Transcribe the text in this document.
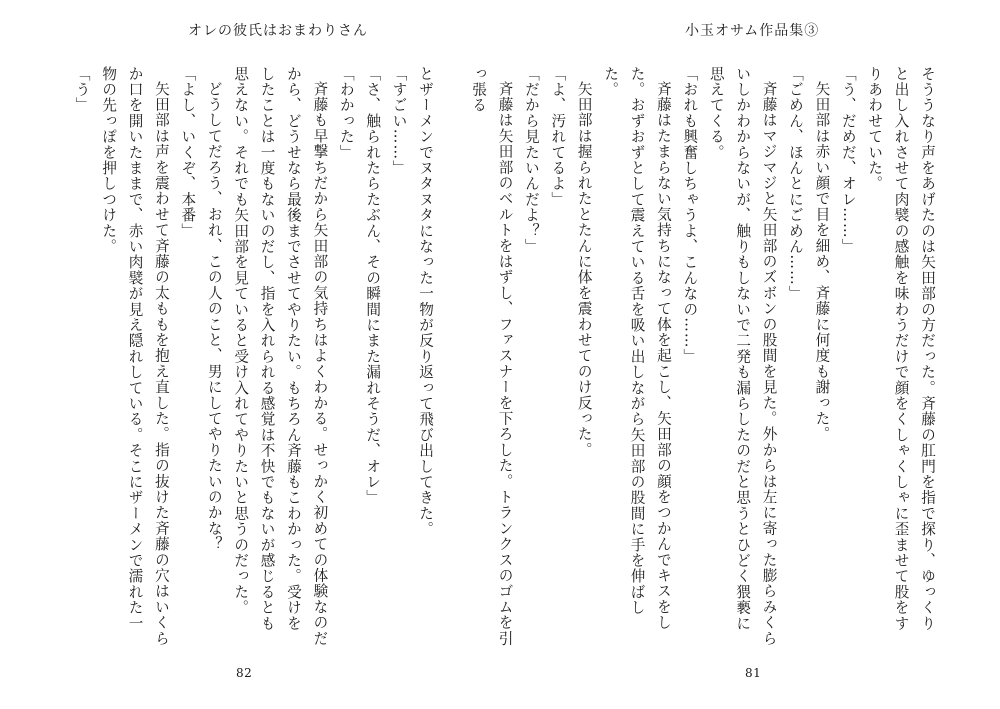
小玉オサム作品集③

そううなり声をあげたのは矢田部の方だった。斉藤の肛門を指で探り、ゆっくりと出し入れさせて肉襞の感触を味わうだけで顔をくしゃくしゃに歪ませて股をすりあわせていた。

「う、だめだ、オレ……」

矢田部は赤い顔で目を細め、斉藤に何度も謝った。

「ごめん、ほんとにごめん……」

斉藤はマジマジと矢田部のズボンの股間を見た。外からは左に寄った膨らみくらいしかわからないが、触りもしないで二発も漏らしたのだと思うとひどく猥褻に思えてくる。

「おれも興奮しちゃうよ、こんなの……」

斉藤はたまらない気持ちになって体を起こし、矢田部の顔をつかんでキスをした。おずおずとして震えている舌を吸い出しながら矢田部の股間に手を伸ばした。

矢田部は握られたとたんに体を震わせてのけ反った。

「よ、汚れてるよ」

「だから見たいんだよ？」

斉藤は矢田部のベルトをはずし、ファスナーを下ろした。トランクスのゴムを引っ張る

81
オレの彼氏はおまわりさん

とザーメンでヌタヌタになった一物が反り返って飛び出してきた。

「すごい……」

「さ、触られたらたぶん、その瞬間にまた漏れそうだ、オレ」

「わかった」

斉藤も早撃ちだから矢田部の気持ちはよくわかる。せっかく初めての体験なのだから、どうせなら最後までさせてやりたい。もちろん斉藤もこわかった。受けをしたことは一度もないのだし、指を入れられる感覚は不快でもないが感じるとも思えない。それでも矢田部を見ていると受け入れてやりたいと思うのだった。

どうしてだろう、おれ、この人のこと、男にしてやりたいのかな？

「よし、いくぞ、本番」

矢田部は声を震わせて斉藤の太ももを抱え直した。指の抜けた斉藤の穴はいくらか口を開いたままで、赤い肉襞が見え隠れしている。そこにザーメンで濡れた一物の先っぽを押しつけた。

「う」

82
